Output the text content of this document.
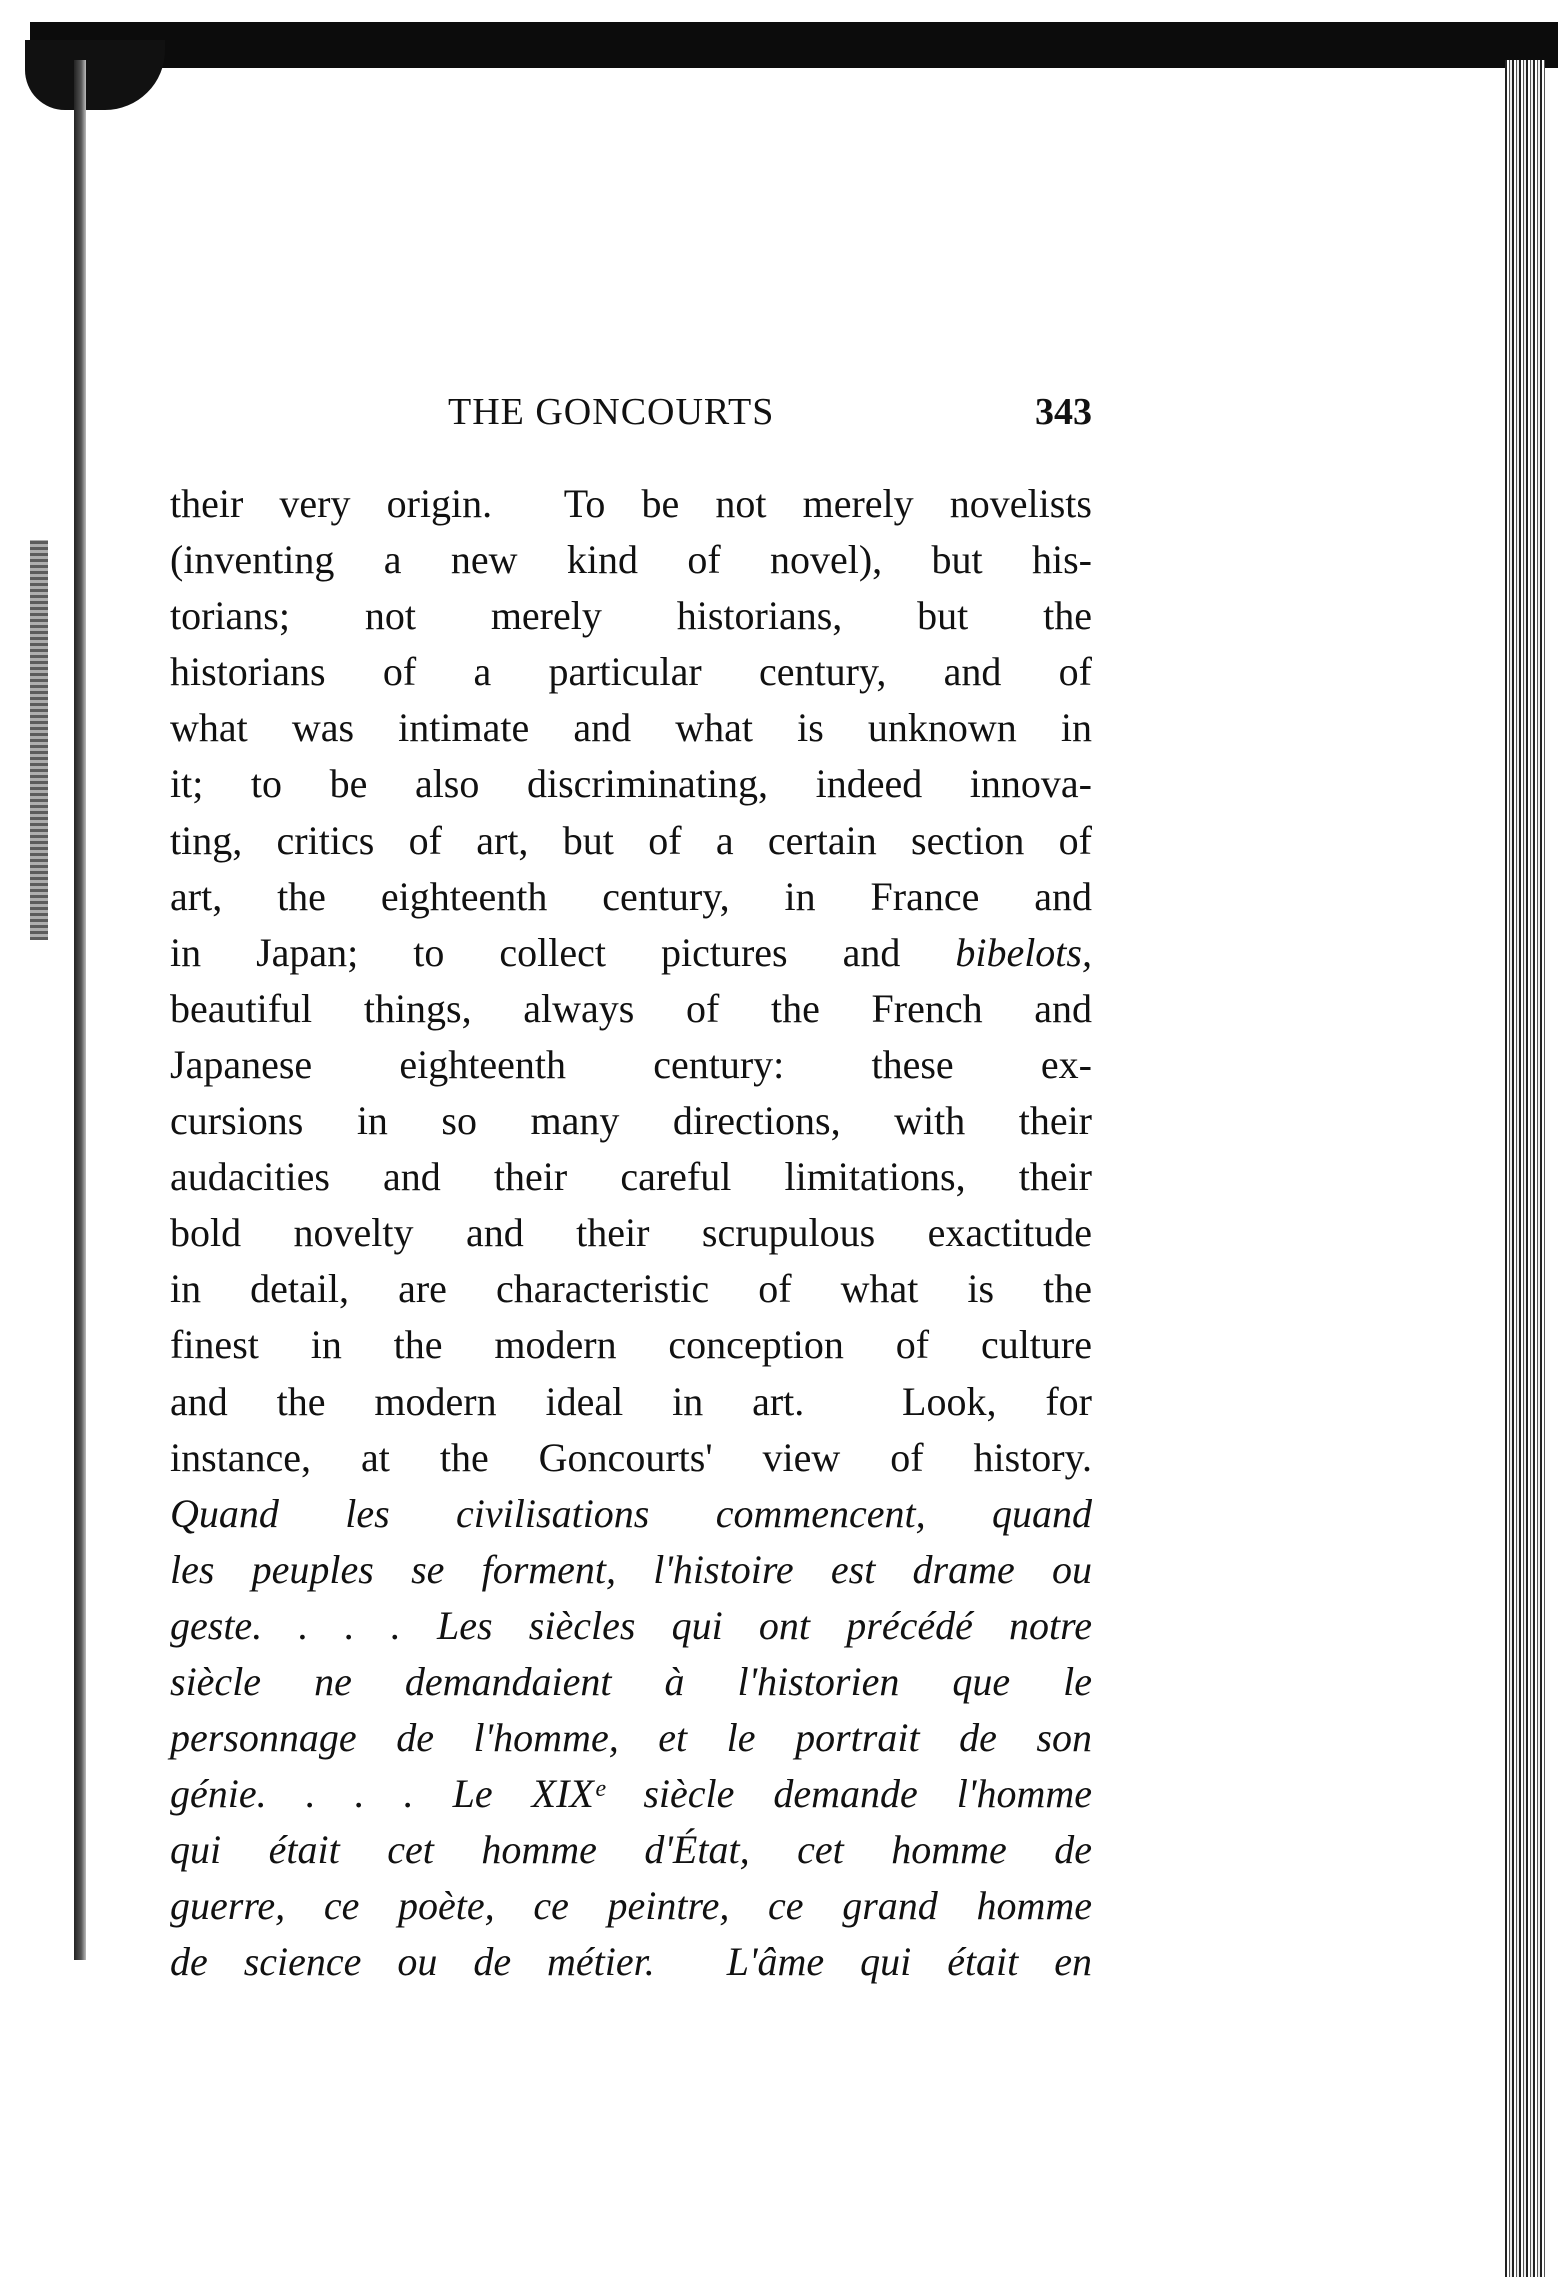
THE GONCOURTS	343
their very origin.  To be not merely novelists
(inventing a new kind of novel), but his-
torians; not merely historians, but the
historians of a particular century, and of
what was intimate and what is unknown in
it; to be also discriminating, indeed innova-
ting, critics of art, but of a certain section of
art, the eighteenth century, in France and
in Japan; to collect pictures and bibelots,
beautiful things, always of the French and
Japanese eighteenth century: these ex-
cursions in so many directions, with their
audacities and their careful limitations, their
bold novelty and their scrupulous exactitude
in detail, are characteristic of what is the
finest in the modern conception of culture
and the modern ideal in art.  Look, for
instance, at the Goncourts' view of history.
Quand les civilisations commencent, quand
les peuples se forment, l'histoire est drame ou
geste. . . . Les siècles qui ont précédé notre
siècle ne demandaient à l'historien que le
personnage de l'homme, et le portrait de son
génie. . . . Le XIXᵉ siècle demande l'homme
qui était cet homme d'État, cet homme de
guerre, ce poète, ce peintre, ce grand homme
de science ou de métier.  L'âme qui était en
